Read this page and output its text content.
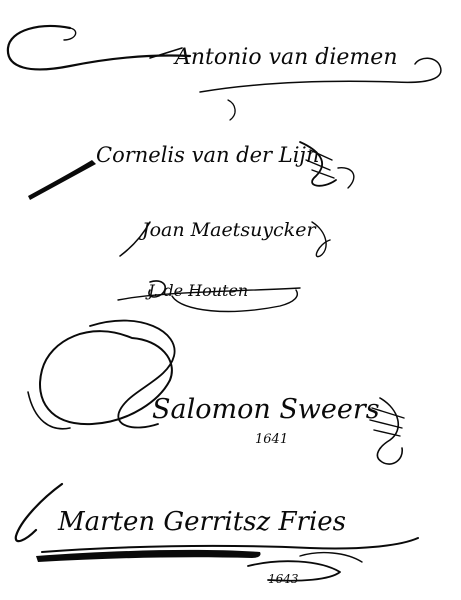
Antonio van diemen
Cornelis van der Lijn
Joan Maetsuycker
J. de Houten
Salomon Sweers
1641
Marten Gerritsz Fries
1643
